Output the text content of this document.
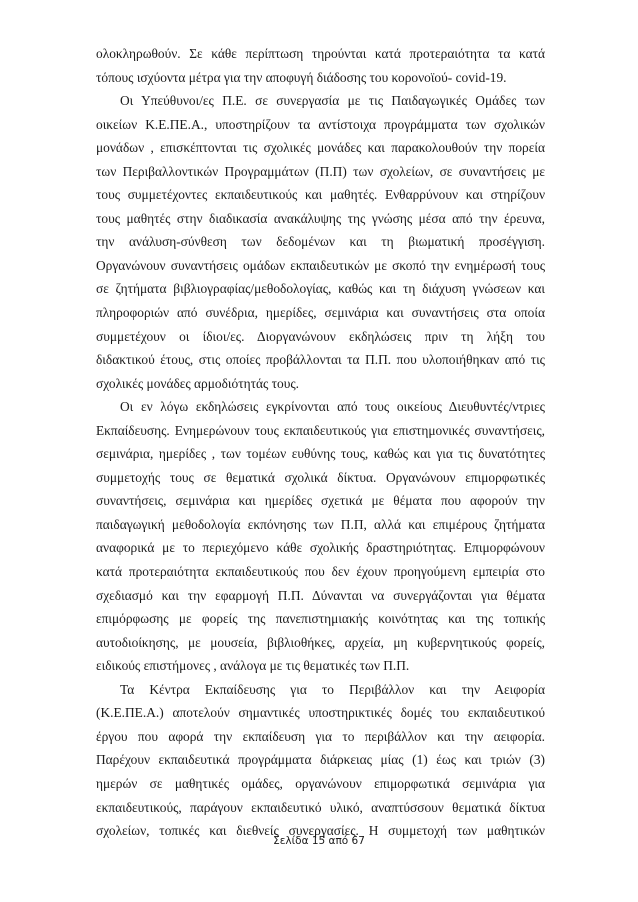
ολοκληρωθούν. Σε κάθε περίπτωση τηρούνται κατά προτεραιότητα τα κατά
τόπους ισχύοντα μέτρα για την αποφυγή διάδοσης του κορονοϊού- covid-19.
Οι Υπεύθυνοι/ες Π.Ε. σε συνεργασία με τις Παιδαγωγικές Ομάδες των
οικείων Κ.Ε.ΠΕ.Α., υποστηρίζουν τα αντίστοιχα προγράμματα των σχολικών
μονάδων , επισκέπτονται τις σχολικές μονάδες και παρακολουθούν την πορεία
των Περιβαλλοντικών Προγραμμάτων (Π.Π) των σχολείων, σε συναντήσεις με
τους συμμετέχοντες εκπαιδευτικούς και μαθητές. Ενθαρρύνουν και στηρίζουν
τους μαθητές στην διαδικασία ανακάλυψης της γνώσης μέσα από την έρευνα,
την ανάλυση-σύνθεση των δεδομένων και τη βιωματική προσέγγιση.
Οργανώνουν συναντήσεις ομάδων εκπαιδευτικών με σκοπό την ενημέρωσή τους
σε ζητήματα βιβλιογραφίας/μεθοδολογίας, καθώς και τη διάχυση γνώσεων και
πληροφοριών από συνέδρια, ημερίδες, σεμινάρια και συναντήσεις στα οποία
συμμετέχουν οι ίδιοι/ες. Διοργανώνουν εκδηλώσεις πριν τη λήξη του
διδακτικού έτους, στις οποίες προβάλλονται τα Π.Π. που υλοποιήθηκαν από τις
σχολικές μονάδες αρμοδιότητάς τους.
Οι εν λόγω εκδηλώσεις εγκρίνονται από τους οικείους Διευθυντές/ντριες
Εκπαίδευσης. Ενημερώνουν τους εκπαιδευτικούς για επιστημονικές συναντήσεις,
σεμινάρια, ημερίδες , των τομέων ευθύνης τους, καθώς και για τις δυνατότητες
συμμετοχής τους σε θεματικά σχολικά δίκτυα. Οργανώνουν επιμορφωτικές
συναντήσεις, σεμινάρια και ημερίδες σχετικά με θέματα που αφορούν την
παιδαγωγική μεθοδολογία εκπόνησης των Π.Π, αλλά και επιμέρους ζητήματα
αναφορικά με το περιεχόμενο κάθε σχολικής δραστηριότητας. Επιμορφώνουν
κατά προτεραιότητα εκπαιδευτικούς που δεν έχουν προηγούμενη εμπειρία στο
σχεδιασμό και την εφαρμογή Π.Π. Δύνανται να συνεργάζονται για θέματα
επιμόρφωσης με φορείς της πανεπιστημιακής κοινότητας και της τοπικής
αυτοδιοίκησης, με μουσεία, βιβλιοθήκες, αρχεία, μη κυβερνητικούς φορείς,
ειδικούς επιστήμονες , ανάλογα με τις θεματικές των Π.Π.
Τα Κέντρα Εκπαίδευσης για το Περιβάλλον και την Αειφορία
(Κ.Ε.ΠΕ.Α.) αποτελούν σημαντικές υποστηρικτικές δομές του εκπαιδευτικού
έργου που αφορά την εκπαίδευση για το περιβάλλον και την αειφορία.
Παρέχουν εκπαιδευτικά προγράμματα διάρκειας μίας (1) έως και τριών (3)
ημερών σε μαθητικές ομάδες, οργανώνουν επιμορφωτικά σεμινάρια για
εκπαιδευτικούς, παράγουν εκπαιδευτικό υλικό, αναπτύσσουν θεματικά δίκτυα
σχολείων, τοπικές και διεθνείς συνεργασίες. Η συμμετοχή των μαθητικών
Σελίδα 15 από 67
